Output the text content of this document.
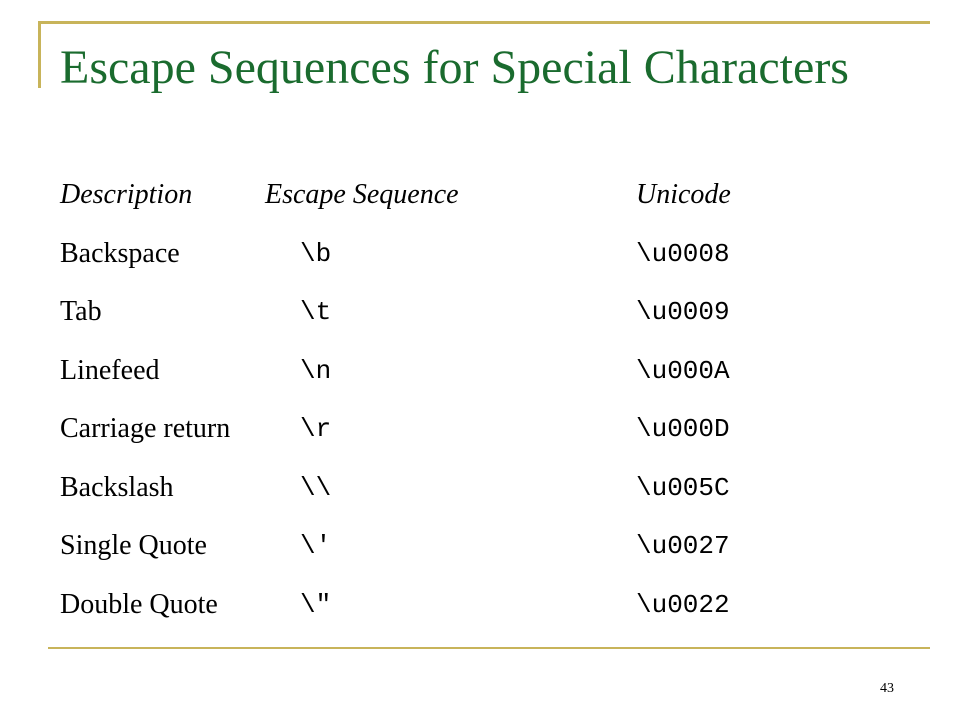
Escape Sequences for Special Characters
Description	Escape Sequence	Unicode
Backspace	\b	\u0008
Tab	\t	\u0009
Linefeed	\n	\u000A
Carriage return	\r	\u000D
Backslash	\\	\u005C
Single Quote	\'	\u0027
Double Quote	\"	\u0022
43
